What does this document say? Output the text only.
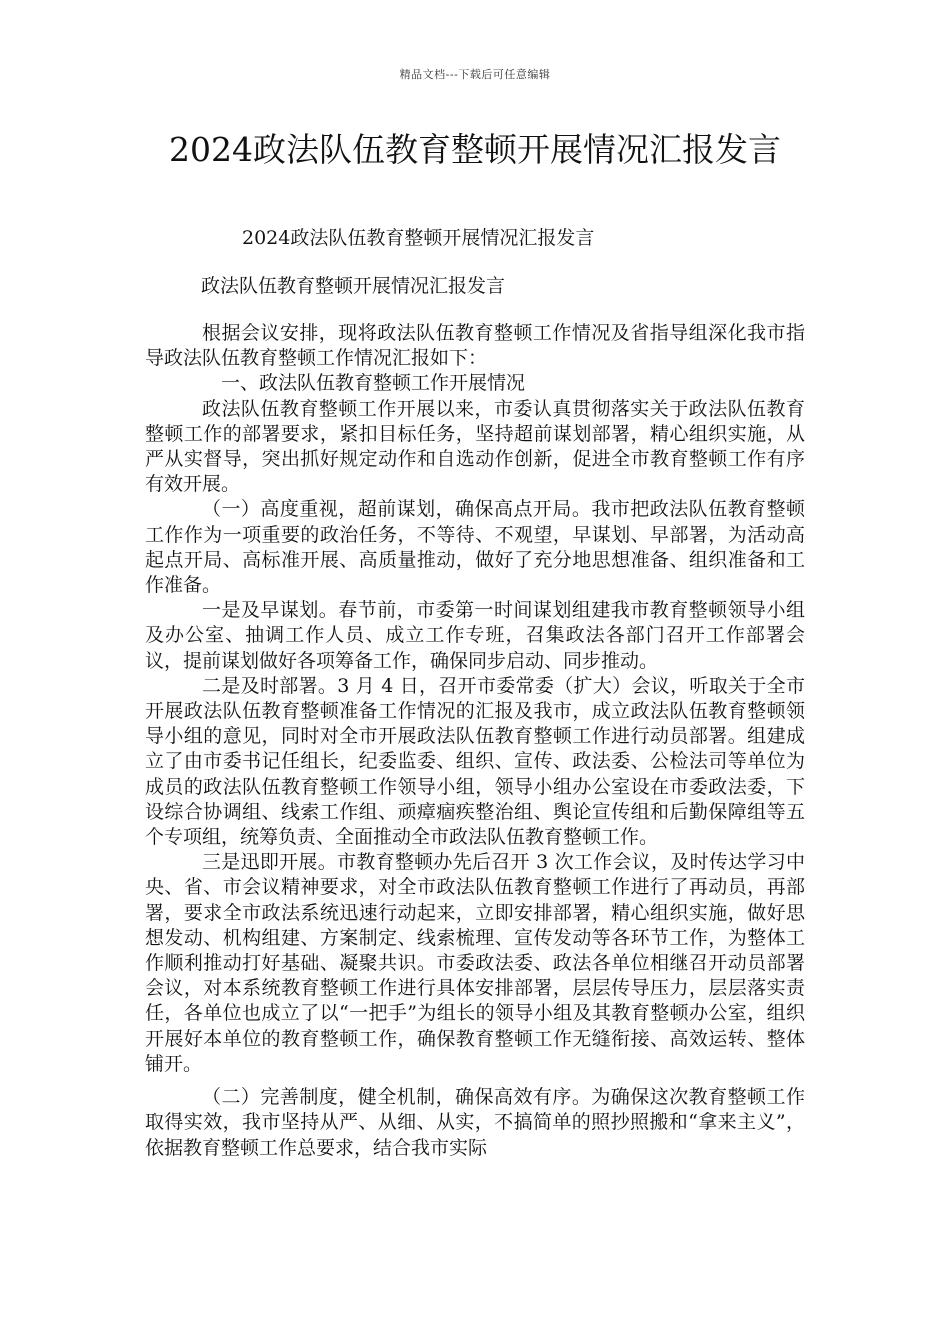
精品文档---下载后可任意编辑
2024政法队伍教育整顿开展情况汇报发言
2024政法队伍教育整顿开展情况汇报发言
政法队伍教育整顿开展情况汇报发言

根据会议安排，现将政法队伍教育整顿工作情况及省指导组深化我市指导政法队伍教育整顿工作情况汇报如下：

一、政法队伍教育整顿工作开展情况

政法队伍教育整顿工作开展以来，市委认真贯彻落实关于政法队伍教育整顿工作的部署要求，紧扣目标任务，坚持超前谋划部署，精心组织实施，从严从实督导，突出抓好规定动作和自选动作创新，促进全市教育整顿工作有序有效开展。

（一）高度重视，超前谋划，确保高点开局。我市把政法队伍教育整顿工作作为一项重要的政治任务，不等待、不观望，早谋划、早部署，为活动高起点开局、高标准开展、高质量推动，做好了充分地思想准备、组织准备和工作准备。

一是及早谋划。春节前，市委第一时间谋划组建我市教育整顿领导小组及办公室、抽调工作人员、成立工作专班，召集政法各部门召开工作部署会议，提前谋划做好各项筹备工作，确保同步启动、同步推动。

二是及时部署。3 月 4 日，召开市委常委（扩大）会议，听取关于全市开展政法队伍教育整顿准备工作情况的汇报及我市，成立政法队伍教育整顿领导小组的意见，同时对全市开展政法队伍教育整顿工作进行动员部署。组建成立了由市委书记任组长，纪委监委、组织、宣传、政法委、公检法司等单位为成员的政法队伍教育整顿工作领导小组，领导小组办公室设在市委政法委，下设综合协调组、线索工作组、顽瘴痼疾整治组、舆论宣传组和后勤保障组等五个专项组，统筹负责、全面推动全市政法队伍教育整顿工作。

三是迅即开展。市教育整顿办先后召开 3 次工作会议，及时传达学习中央、省、市会议精神要求，对全市政法队伍教育整顿工作进行了再动员，再部署，要求全市政法系统迅速行动起来，立即安排部署，精心组织实施，做好思想发动、机构组建、方案制定、线索梳理、宣传发动等各环节工作，为整体工作顺利推动打好基础、凝聚共识。市委政法委、政法各单位相继召开动员部署会议，对本系统教育整顿工作进行具体安排部署，层层传导压力，层层落实责任，各单位也成立了以“一把手”为组长的领导小组及其教育整顿办公室，组织开展好本单位的教育整顿工作，确保教育整顿工作无缝衔接、高效运转、整体铺开。

（二）完善制度，健全机制，确保高效有序。为确保这次教育整顿工作取得实效，我市坚持从严、从细、从实，不搞简单的照抄照搬和“拿来主义”，依据教育整顿工作总要求，结合我市实际
